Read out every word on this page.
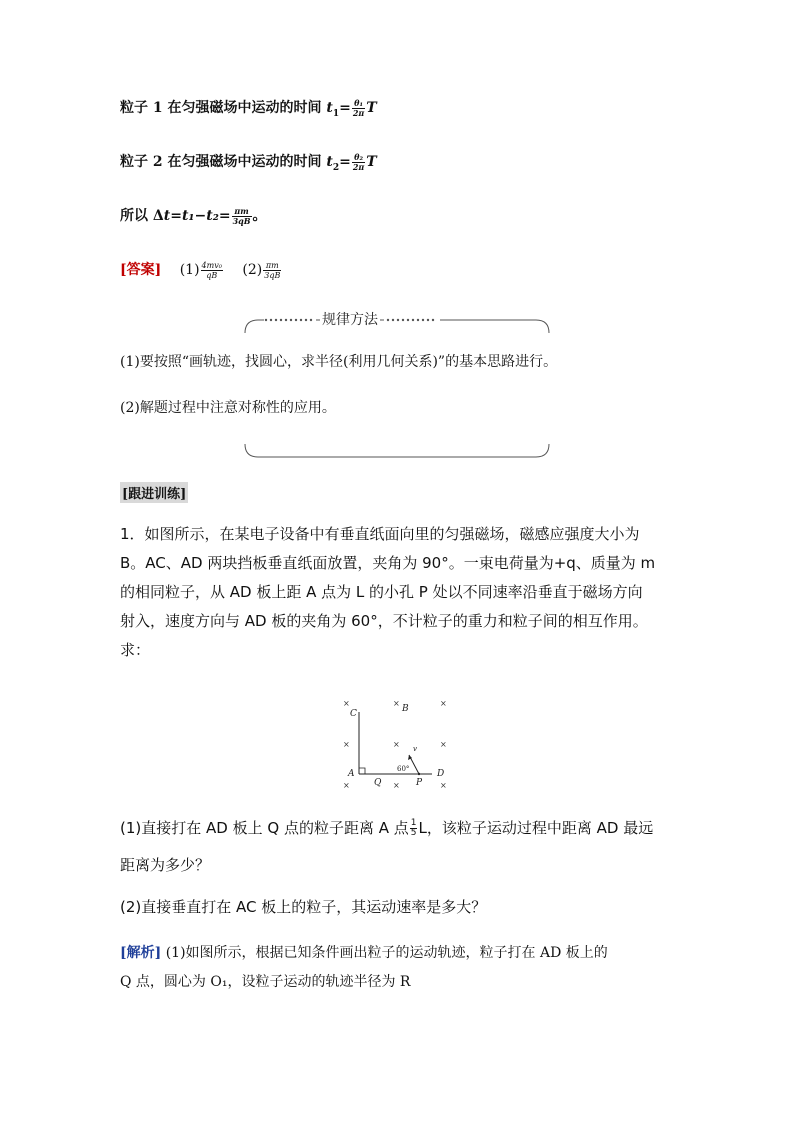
粒子 1 在匀强磁场中运动的时间 $t_1= \frac{\text{θ₁}}{2\pi}$ T
粒子 2 在匀强磁场中运动的时间 $t_2= \frac{\text{θ₂}}{2\pi}$ T
所以 $\Delta t=t_1-t_2= \frac{\pi m}{3qB}$ 。
[答案] $(1) \frac{\text{4mv₀}}{qB} (2) \frac{\pi m}{3qB}$
规律方法
(1)要按照“画轨迹，找圆心，求半径(利用几何关系)”的基本思路进行。
(2)解题过程中注意对称性的应用。
[跟进训练]
1．如图所示，在某电子设备中有垂直纸面向里的匀强磁场，磁感应强度大小为
B。AC、AD 两块挡板垂直纸面放置，夹角为 90°。一束电荷量为+q、质量为 m
的相同粒子，从 AD 板上距 A 点为 L 的小孔 P 处以不同速率沿垂直于磁场方向
射入，速度方向与 AD 板的夹角为 60°，不计粒子的重力和粒子间的相互作用。
求：
×	×	×
×	×	×
×	×	×
C	B
A
Q	P
D
v
60°
(1)直接打在 AD 板上 Q 点的粒子距离 A 点 $\frac{1}{5}$ L，该粒子运动过程中距离 AD 最远
距离为多少？
(2)直接垂直打在 AC 板上的粒子，其运动速率是多大？
[解析] (1)如图所示，根据已知条件画出粒子的运动轨迹，粒子打在 AD 板上的
Q 点，圆心为 O₁，设粒子运动的轨迹半径为 R
